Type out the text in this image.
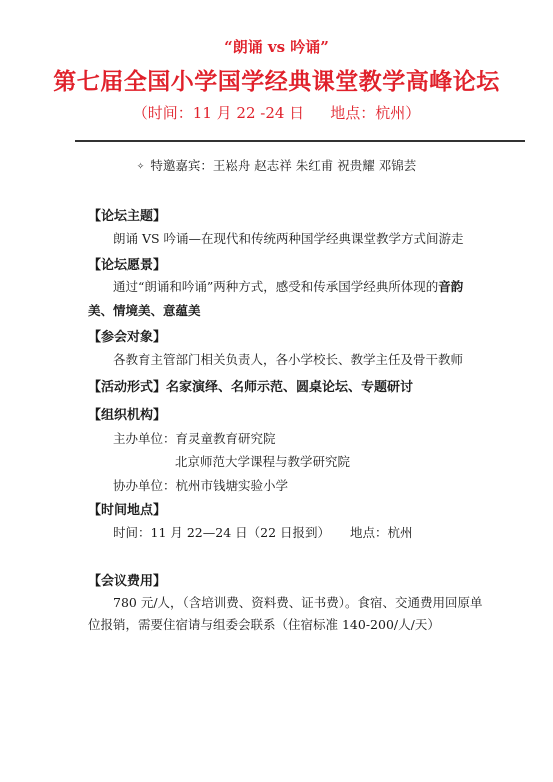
“朗诵 vs 吟诵”
第七届全国小学国学经典课堂教学高峰论坛
（时间：11 月 22 -24 日 地点：杭州）
✧ 特邀嘉宾：王崧舟 赵志祥 朱红甫 祝贵耀 邓锦芸
【论坛主题】
朗诵 VS 吟诵—在现代和传统两种国学经典课堂教学方式间游走
【论坛愿景】
通过“朗诵和吟诵”两种方式，感受和传承国学经典所体现的音韵
美、情境美、意蕴美
【参会对象】
各教育主管部门相关负责人，各小学校长、教学主任及骨干教师
【活动形式】名家演绎、名师示范、圆桌论坛、专题研讨
【组织机构】
主办单位：育灵童教育研究院
北京师范大学课程与教学研究院
协办单位：杭州市钱塘实验小学
【时间地点】
时间：11 月 22—24 日（22 日报到） 地点：杭州
【会议费用】
780 元/人，（含培训费、资料费、证书费）。食宿、交通费用回原单
位报销，需要住宿请与组委会联系（住宿标准 140-200/人/天）
